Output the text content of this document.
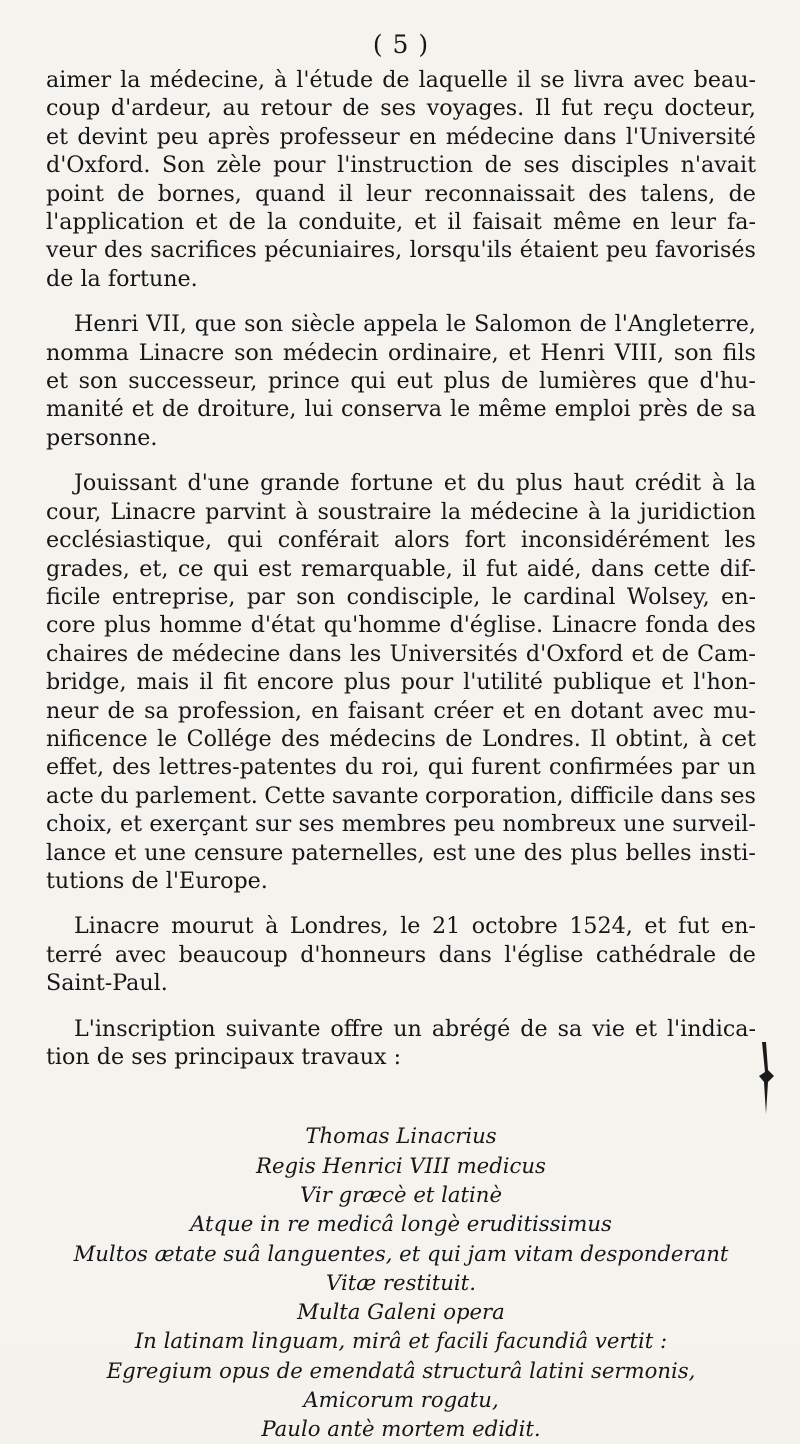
( 5 )
aimer la médecine, à l'étude de laquelle il se livra avec beau-
coup d'ardeur, au retour de ses voyages. Il fut reçu docteur,
et devint peu après professeur en médecine dans l'Université
d'Oxford. Son zèle pour l'instruction de ses disciples n'avait
point de bornes, quand il leur reconnaissait des talens, de
l'application et de la conduite, et il faisait même en leur fa-
veur des sacrifices pécuniaires, lorsqu'ils étaient peu favorisés
de la fortune.
Henri VII, que son siècle appela le Salomon de l'Angleterre,
nomma Linacre son médecin ordinaire, et Henri VIII, son fils
et son successeur, prince qui eut plus de lumières que d'hu-
manité et de droiture, lui conserva le même emploi près de sa
personne.
Jouissant d'une grande fortune et du plus haut crédit à la
cour, Linacre parvint à soustraire la médecine à la juridiction
ecclésiastique, qui conférait alors fort inconsidérément les
grades, et, ce qui est remarquable, il fut aidé, dans cette dif-
ficile entreprise, par son condisciple, le cardinal Wolsey, en-
core plus homme d'état qu'homme d'église. Linacre fonda des
chaires de médecine dans les Universités d'Oxford et de Cam-
bridge, mais il fit encore plus pour l'utilité publique et l'hon-
neur de sa profession, en faisant créer et en dotant avec mu-
nificence le Collége des médecins de Londres. Il obtint, à cet
effet, des lettres-patentes du roi, qui furent confirmées par un
acte du parlement. Cette savante corporation, difficile dans ses
choix, et exerçant sur ses membres peu nombreux une surveil-
lance et une censure paternelles, est une des plus belles insti-
tutions de l'Europe.
Linacre mourut à Londres, le 21 octobre 1524, et fut en-
terré avec beaucoup d'honneurs dans l'église cathédrale de
Saint-Paul.
L'inscription suivante offre un abrégé de sa vie et l'indica-
tion de ses principaux travaux :
Thomas Linacrius
Regis Henrici VIII medicus
Vir græcè et latinè
Atque in re medicâ longè eruditissimus
Multos ætate suâ languentes, et qui jam vitam desponderant
Vitæ restituit.
Multa Galeni opera
In latinam linguam, mirâ et facili facundiâ vertit :
Egregium opus de emendatâ structurâ latini sermonis,
Amicorum rogatu,
Paulo antè mortem edidit.
